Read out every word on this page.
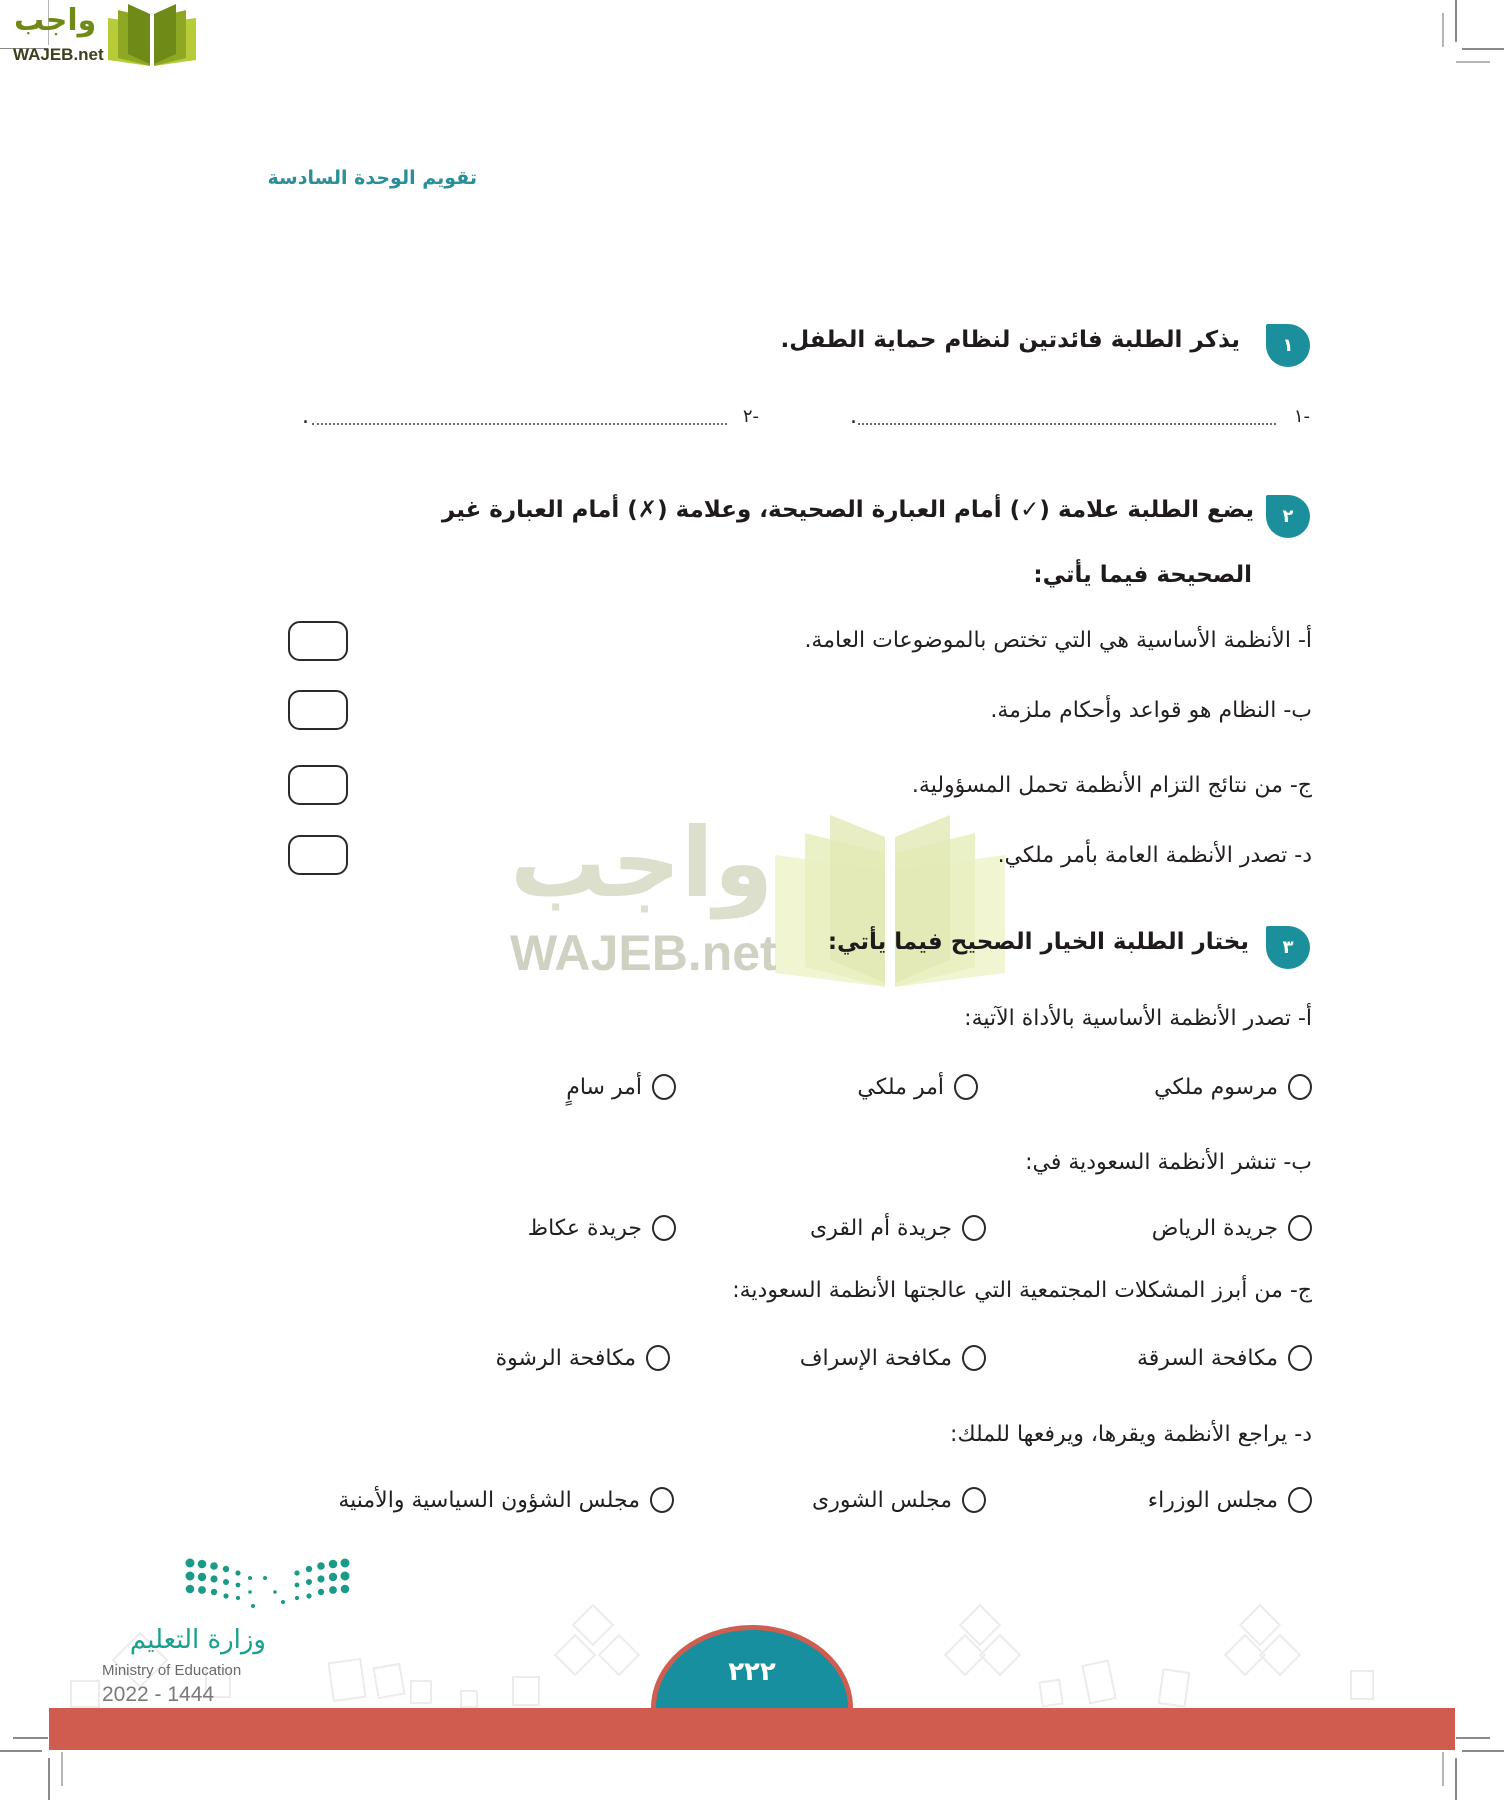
واجب
WAJEB.net
تقويم الوحدة السادسة
واجب
WAJEB.net
١
يذكر الطلبة فائدتين لنظام حماية الطفل.
١-
.
٢-
.
٢
يضع الطلبة علامة (✓) أمام العبارة الصحيحة، وعلامة (✗) أمام العبارة غير
الصحيحة فيما يأتي:
أ- الأنظمة الأساسية هي التي تختص بالموضوعات العامة.
ب- النظام هو قواعد وأحكام ملزمة.
ج- من نتائج التزام الأنظمة تحمل المسؤولية.
د- تصدر الأنظمة العامة بأمر ملكي.
٣
يختار الطلبة الخيار الصحيح فيما يأتي:
أ- تصدر الأنظمة الأساسية بالأداة الآتية:
مرسوم ملكي
أمر ملكي
أمر سامٍ
ب- تنشر الأنظمة السعودية في:
جريدة الرياض
جريدة أم القرى
جريدة عكاظ
ج- من أبرز المشكلات المجتمعية التي عالجتها الأنظمة السعودية:
مكافحة السرقة
مكافحة الإسراف
مكافحة الرشوة
د- يراجع الأنظمة ويقرها، ويرفعها للملك:
مجلس الوزراء
مجلس الشورى
مجلس الشؤون السياسية والأمنية
وزارة التعليم
Ministry of Education
2022 - 1444
٢٢٢
